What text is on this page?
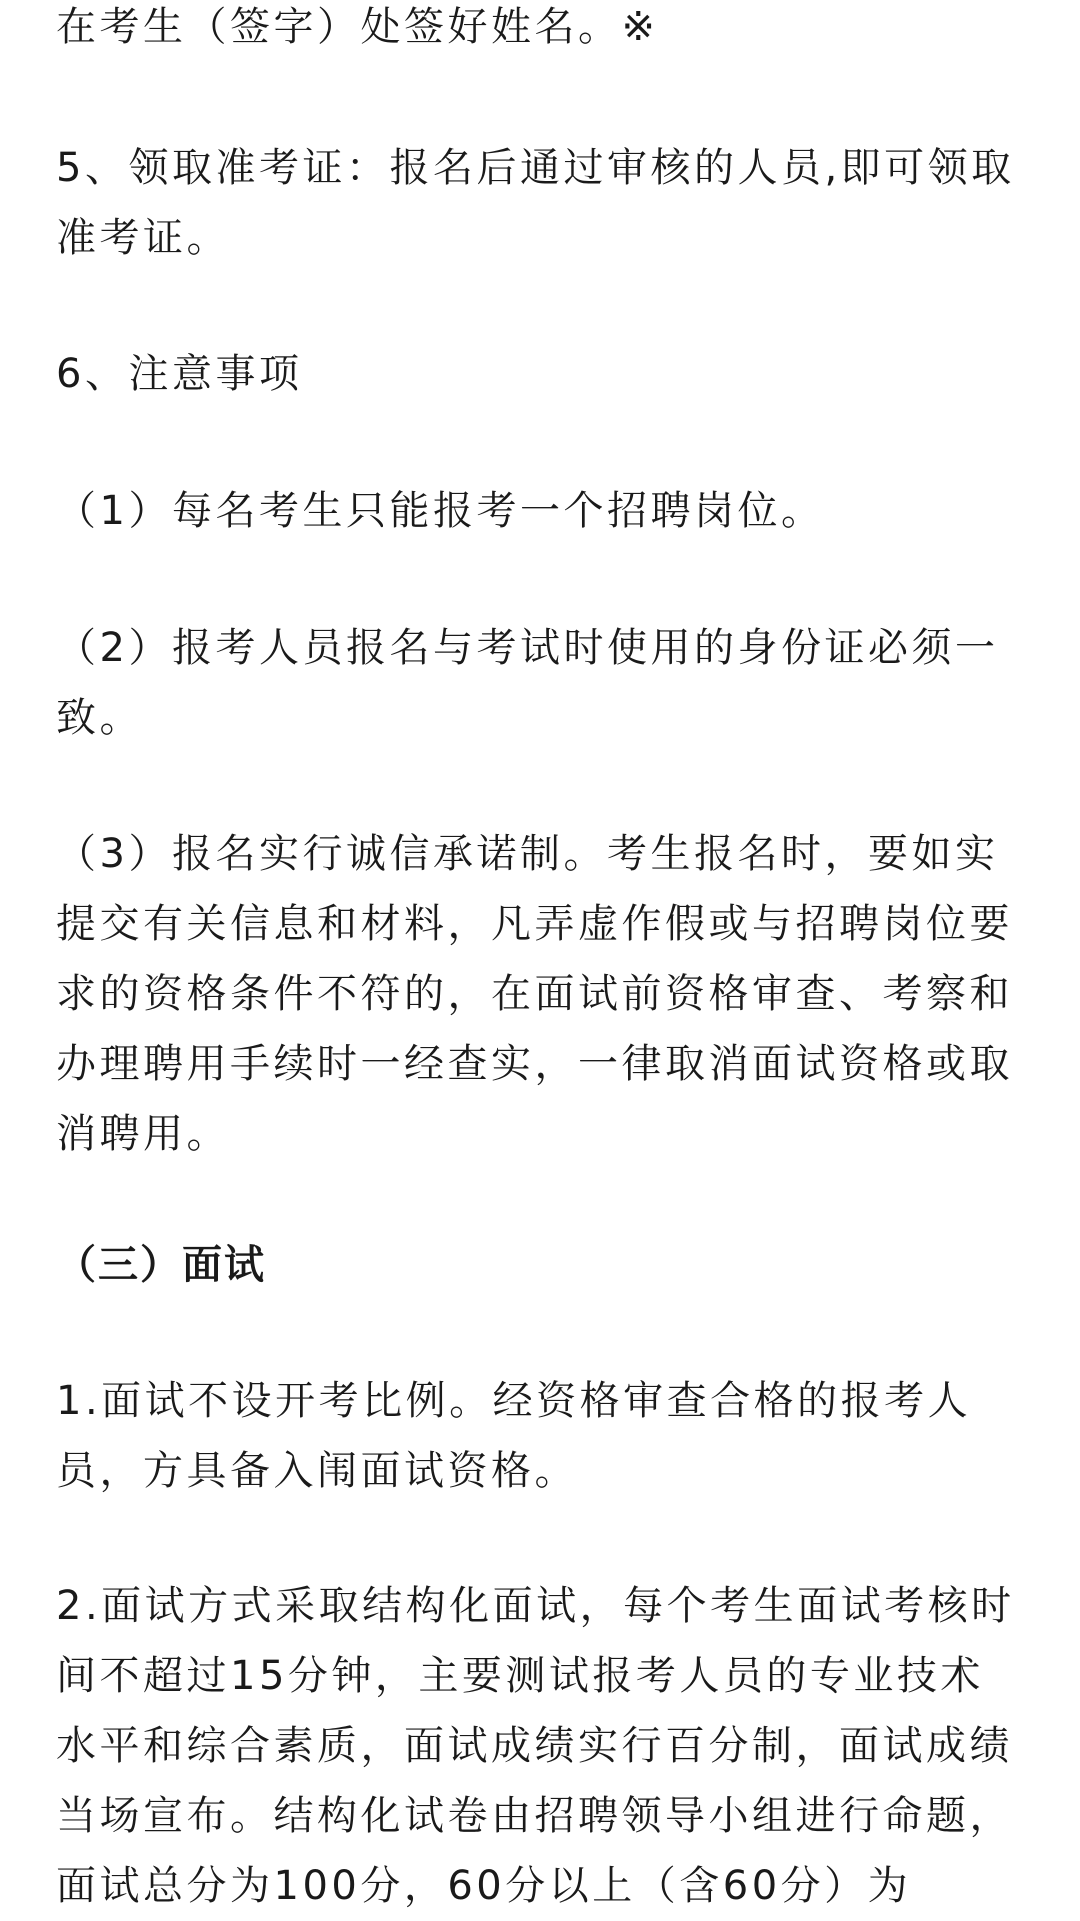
在考生（签字）处签好姓名。※

5、领取准考证：报名后通过审核的人员,即可领取准考证。

6、注意事项

（1）每名考生只能报考一个招聘岗位。

（2）报考人员报名与考试时使用的身份证必须一致。

（3）报名实行诚信承诺制。考生报名时，要如实提交有关信息和材料，凡弄虚作假或与招聘岗位要求的资格条件不符的，在面试前资格审查、考察和办理聘用手续时一经查实，一律取消面试资格或取消聘用。

（三）面试

1.面试不设开考比例。经资格审查合格的报考人员，方具备入闱面试资格。

2.面试方式采取结构化面试，每个考生面试考核时间不超过15分钟，主要测试报考人员的专业技术水平和综合素质，面试成绩实行百分制，面试成绩当场宣布。结构化试卷由招聘领导小组进行命题，面试总分为100分，60分以上（含60分）为
